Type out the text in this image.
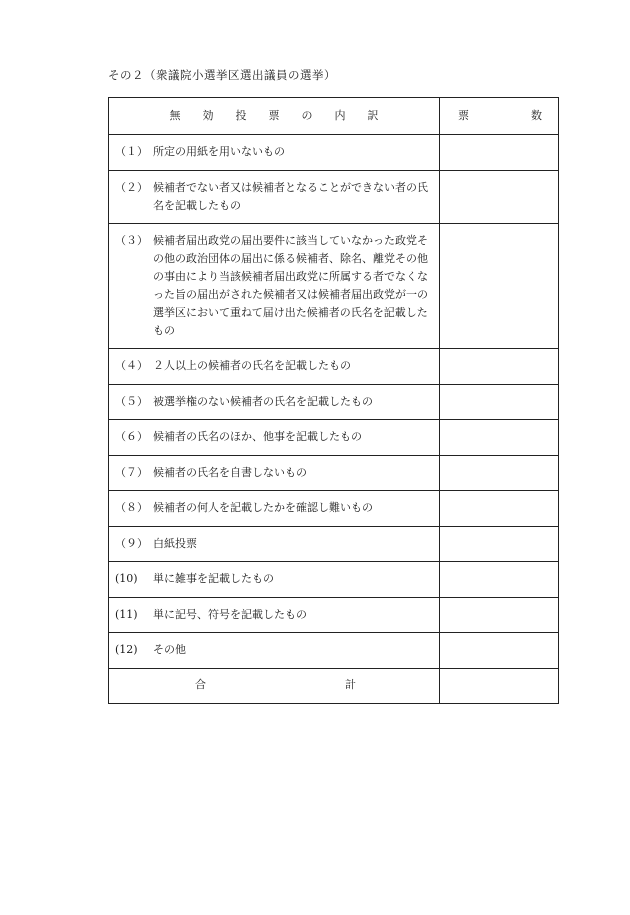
その２（衆議院小選挙区選出議員の選挙）
無効投票の内訳	票 数

（１） 所定の用紙を用いないもの	

（２） 候補者でない者又は候補者となることができない者の氏名を記載したもの	

（３） 候補者届出政党の届出要件に該当していなかった政党その他の政治団体の届出に係る候補者、除名、離党その他の事由により当該候補者届出政党に所属する者でなくなった旨の届出がされた候補者又は候補者届出政党が一の選挙区において重ねて届け出た候補者の氏名を記載したもの	

（４） ２人以上の候補者の氏名を記載したもの	

（５） 被選挙権のない候補者の氏名を記載したもの	

（６） 候補者の氏名のほか、他事を記載したもの	

（７） 候補者の氏名を自書しないもの	

（８） 候補者の何人を記載したかを確認し難いもの	

（９） 白紙投票	

(10) 単に雑事を記載したもの	

(11) 単に記号、符号を記載したもの	

(12) その他	

合 計	
